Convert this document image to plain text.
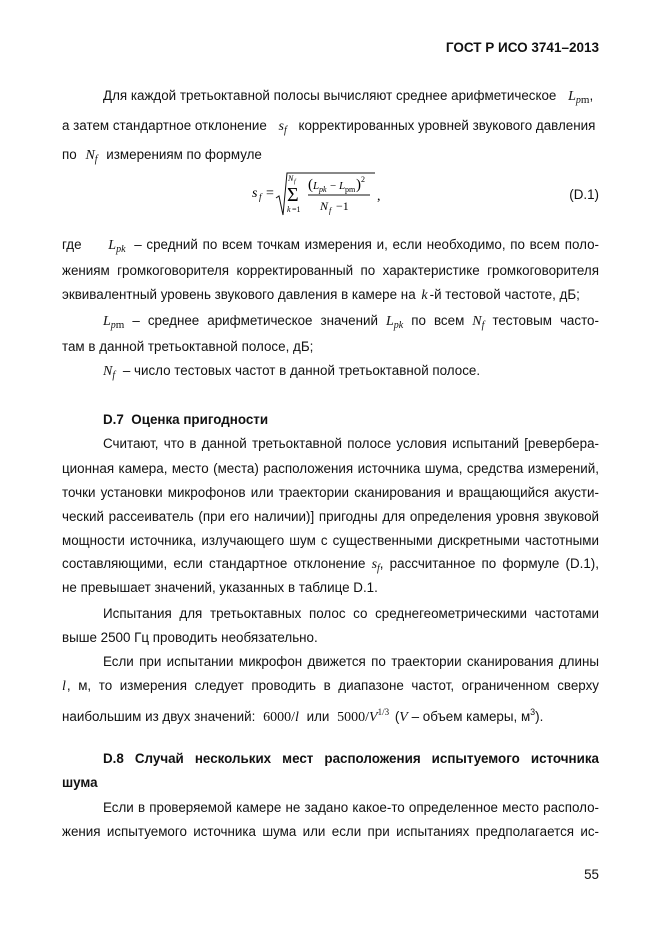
ГОСТ Р ИСО 3741–2013
Для каждой третьоктавной полосы вычисляют среднее арифметическое $L_{pm}$,
а затем стандартное отклонение $s_f$ корректированных уровней звукового давления
по $N_f$ измерениям по формуле
s f =
N f
Σ
k =1
( L pk − L pm ) 2
N f −1
,	(D.1)
где $L_{pk}$ – средний по всем точкам измерения и, если необходимо, по всем поло-
жениям громкоговорителя корректированный по характеристике громкоговорителя
эквивалентный уровень звукового давления в камере на k -й тестовой частоте, дБ;
$L_{pm}$ – среднее арифметическое значений $L_{pk}$ по всем $N_f$ тестовым часто-
там в данной третьоктавной полосе, дБ;
$N_f$ – число тестовых частот в данной третьоктавной полосе.
D.7 Оценка пригодности
Считают, что в данной третьоктавной полосе условия испытаний [ревербера-
ционная камера, место (места) расположения источника шума, средства измерений,
точки установки микрофонов или траектории сканирования и вращающийся акусти-
ческий рассеиватель (при его наличии)] пригодны для определения уровня звуковой
мощности источника, излучающего шум с существенными дискретными частотными
составляющими, если стандартное отклонение $s_f$, рассчитанное по формуле (D.1),
не превышает значений, указанных в таблице D.1.
Испытания для третьоктавных полос со среднегеометрическими частотами
выше 2500 Гц проводить необязательно.
Если при испытании микрофон движется по траектории сканирования длины
l, м, то измерения следует проводить в диапазоне частот, ограниченном сверху
наибольшим из двух значений: 6000/l или $5000/V^{1/3}$ (V – объем камеры, $м^3$).
D.8 Случай нескольких мест расположения испытуемого источника
шума
Если в проверяемой камере не задано какое-то определенное место располо-
жения испытуемого источника шума или если при испытаниях предполагается ис-
55
